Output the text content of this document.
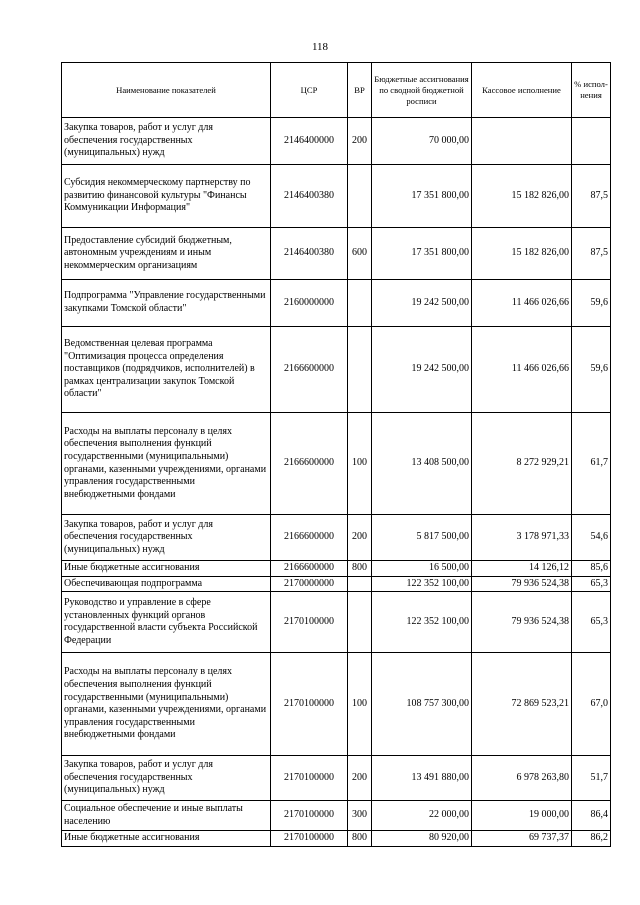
118
Наименование показателей	ЦСР	ВР	Бюджетные ассигнования по сводной бюджетной росписи	Кассовое исполнение	% испол-нения
Закупка товаров, работ и услуг для обеспечения государственных (муниципальных) нужд	2146400000	200	70 000,00		
Субсидия некоммерческому партнерству по развитию финансовой культуры "Финансы Коммуникации Информация"	2146400380		17 351 800,00	15 182 826,00	87,5
Предоставление субсидий бюджетным, автономным учреждениям и иным некоммерческим организациям	2146400380	600	17 351 800,00	15 182 826,00	87,5
Подпрограмма "Управление государственными закупками Томской области"	2160000000		19 242 500,00	11 466 026,66	59,6
Ведомственная целевая программа "Оптимизация процесса определения поставщиков (подрядчиков, исполнителей) в рамках централизации закупок Томской области"	2166600000		19 242 500,00	11 466 026,66	59,6
Расходы на выплаты персоналу в целях обеспечения выполнения функций государственными (муниципальными) органами, казенными учреждениями, органами управления государственными внебюджетными фондами	2166600000	100	13 408 500,00	8 272 929,21	61,7
Закупка товаров, работ и услуг для обеспечения государственных (муниципальных) нужд	2166600000	200	5 817 500,00	3 178 971,33	54,6
Иные бюджетные ассигнования	2166600000	800	16 500,00	14 126,12	85,6
Обеспечивающая подпрограмма	2170000000		122 352 100,00	79 936 524,38	65,3
Руководство и управление в сфере установленных функций органов государственной власти субъекта Российской Федерации	2170100000		122 352 100,00	79 936 524,38	65,3
Расходы на выплаты персоналу в целях обеспечения выполнения функций государственными (муниципальными) органами, казенными учреждениями, органами управления государственными внебюджетными фондами	2170100000	100	108 757 300,00	72 869 523,21	67,0
Закупка товаров, работ и услуг для обеспечения государственных (муниципальных) нужд	2170100000	200	13 491 880,00	6 978 263,80	51,7
Социальное обеспечение и иные выплаты населению	2170100000	300	22 000,00	19 000,00	86,4
Иные бюджетные ассигнования	2170100000	800	80 920,00	69 737,37	86,2
